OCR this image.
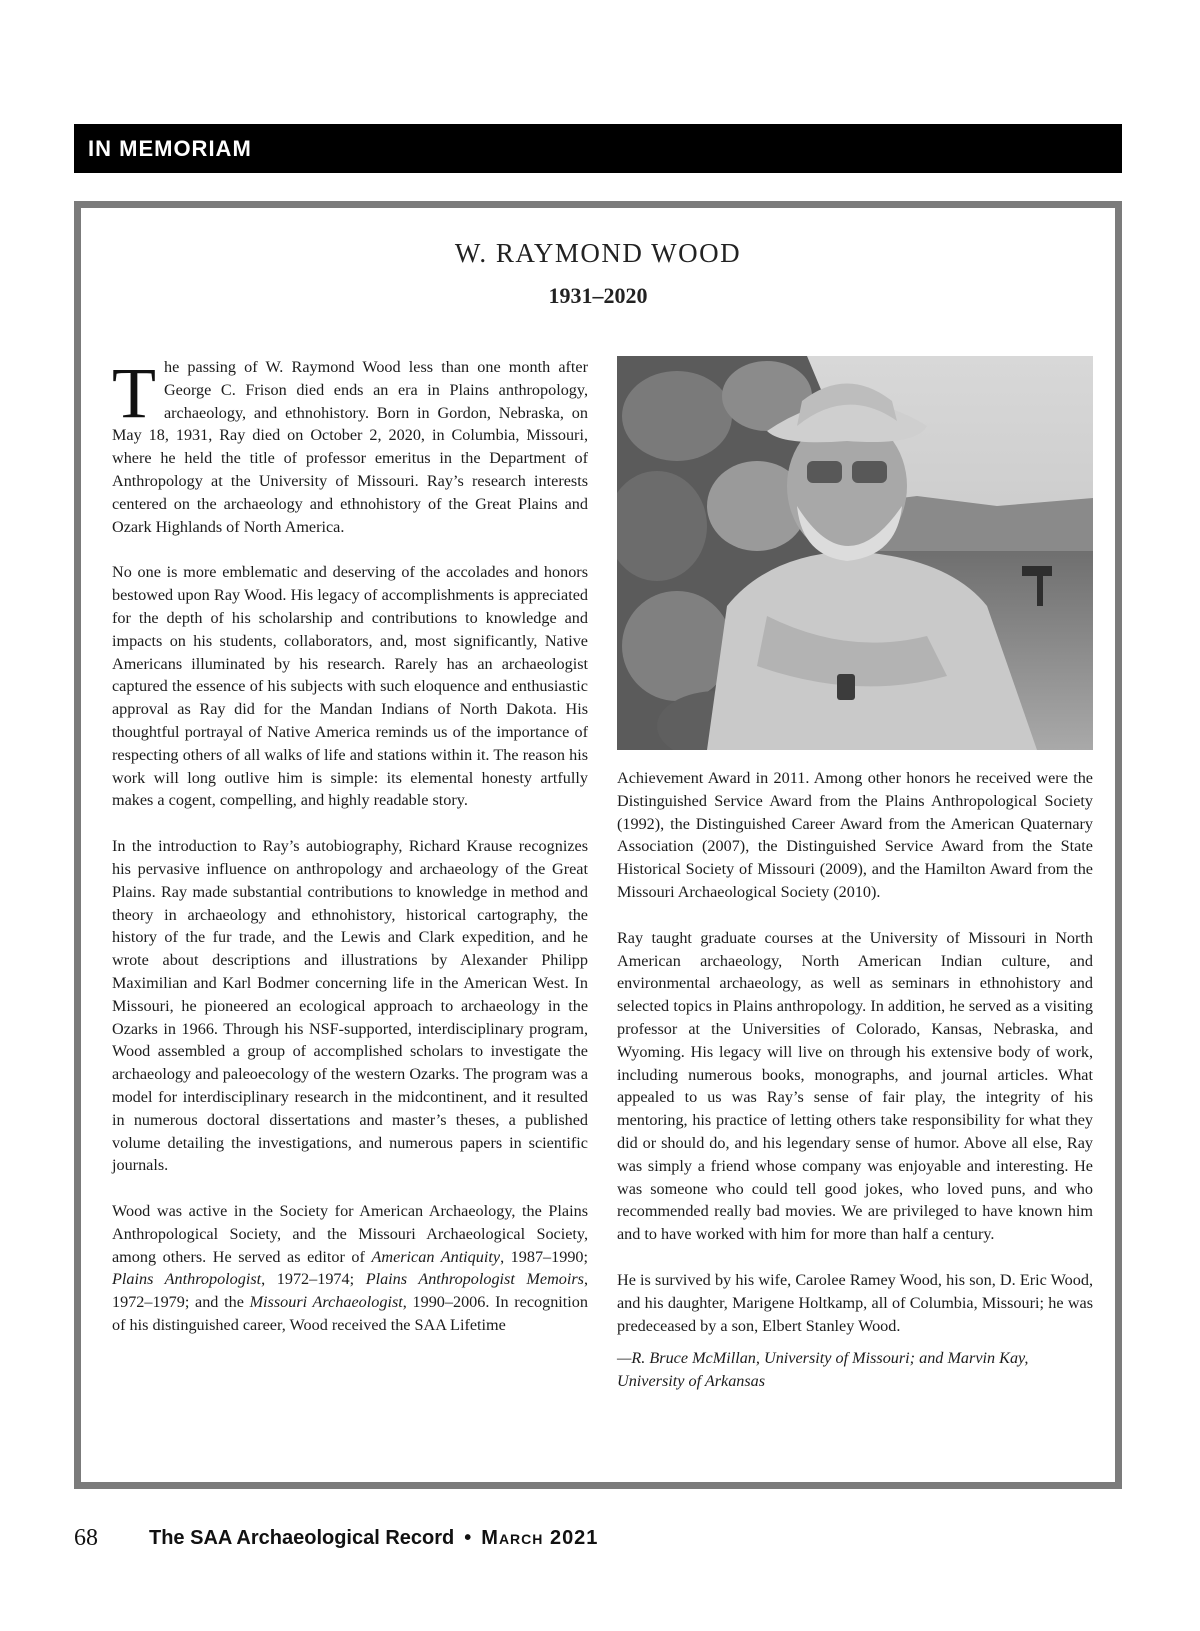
IN MEMORIAM
W. RAYMOND WOOD
1931–2020

The passing of W. Raymond Wood less than one month after George C. Frison died ends an era in Plains anthropology, archaeology, and ethnohistory. Born in Gordon, Nebraska, on May 18, 1931, Ray died on October 2, 2020, in Columbia, Missouri, where he held the title of professor emeritus in the Department of Anthropology at the University of Missouri. Ray’s research interests centered on the archaeology and ethnohistory of the Great Plains and Ozark Highlands of North America.

No one is more emblematic and deserving of the accolades and honors bestowed upon Ray Wood. His legacy of accomplishments is appreciated for the depth of his scholarship and contributions to knowledge and impacts on his students, collaborators, and, most significantly, Native Americans illuminated by his research. Rarely has an archaeologist captured the essence of his subjects with such eloquence and enthusiastic approval as Ray did for the Mandan Indians of North Dakota. His thoughtful portrayal of Native America reminds us of the importance of respecting others of all walks of life and stations within it. The reason his work will long outlive him is simple: its elemental honesty artfully makes a cogent, compelling, and highly readable story.

In the introduction to Ray’s autobiography, Richard Krause recognizes his pervasive influence on anthropology and archaeology of the Great Plains. Ray made substantial contributions to knowledge in method and theory in archaeology and ethnohistory, historical cartography, the history of the fur trade, and the Lewis and Clark expedition, and he wrote about descriptions and illustrations by Alexander Philipp Maximilian and Karl Bodmer concerning life in the American West. In Missouri, he pioneered an ecological approach to archaeology in the Ozarks in 1966. Through his NSF-supported, interdisciplinary program, Wood assembled a group of accomplished scholars to investigate the archaeology and paleoecology of the western Ozarks. The program was a model for interdisciplinary research in the midcontinent, and it resulted in numerous doctoral dissertations and master’s theses, a published volume detailing the investigations, and numerous papers in scientific journals.

Wood was active in the Society for American Archaeology, the Plains Anthropological Society, and the Missouri Archaeological Society, among others. He served as editor of American Antiquity, 1987–1990; Plains Anthropologist, 1972–1974; Plains Anthropologist Memoirs, 1972–1979; and the Missouri Archaeologist, 1990–2006. In recognition of his distinguished career, Wood received the SAA Lifetime

Achievement Award in 2011. Among other honors he received were the Distinguished Service Award from the Plains Anthropological Society (1992), the Distinguished Career Award from the American Quaternary Association (2007), the Distinguished Service Award from the State Historical Society of Missouri (2009), and the Hamilton Award from the Missouri Archaeological Society (2010).

Ray taught graduate courses at the University of Missouri in North American archaeology, North American Indian culture, and environmental archaeology, as well as seminars in ethnohistory and selected topics in Plains anthropology. In addition, he served as a visiting professor at the Universities of Colorado, Kansas, Nebraska, and Wyoming. His legacy will live on through his extensive body of work, including numerous books, monographs, and journal articles. What appealed to us was Ray’s sense of fair play, the integrity of his mentoring, his practice of letting others take responsibility for what they did or should do, and his legendary sense of humor. Above all else, Ray was simply a friend whose company was enjoyable and interesting. He was someone who could tell good jokes, who loved puns, and who recommended really bad movies. We are privileged to have known him and to have worked with him for more than half a century.

He is survived by his wife, Carolee Ramey Wood, his son, D. Eric Wood, and his daughter, Marigene Holtkamp, all of Columbia, Missouri; he was predeceased by a son, Elbert Stanley Wood.

—R. Bruce McMillan, University of Missouri; and Marvin Kay, University of Arkansas

68	The SAA Archaeological Record • March 2021
